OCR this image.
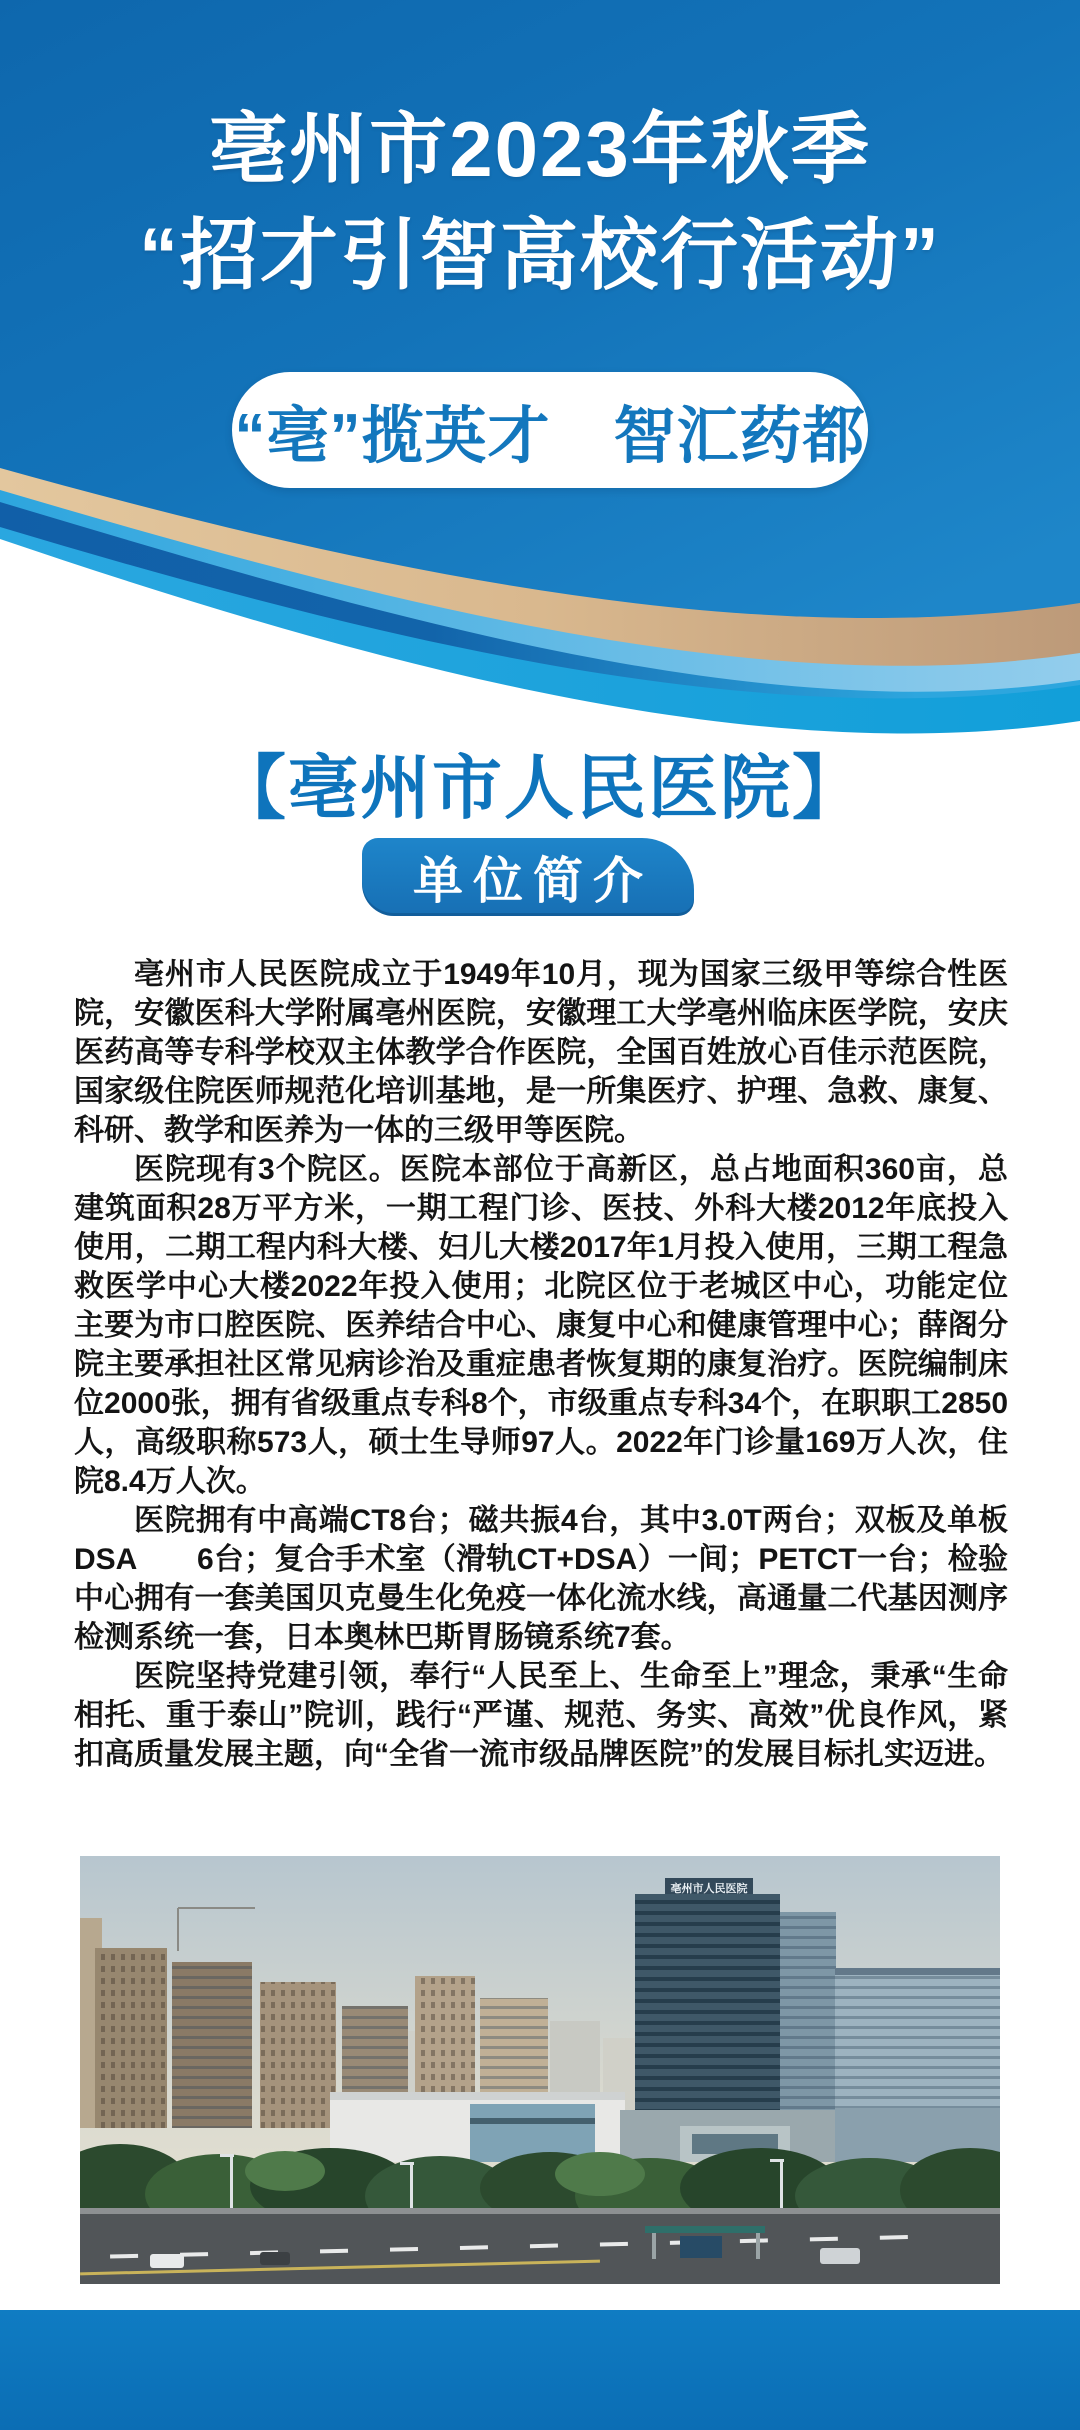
亳州市2023年秋季
“招才引智高校行活动”
“亳”揽英才　智汇药都
【亳州市人民医院】
单位简介

亳州市人民医院成立于1949年10月，现为国家三级甲等综合性医院，安徽医科大学附属亳州医院，安徽理工大学亳州临床医学院，安庆医药高等专科学校双主体教学合作医院，全国百姓放心百佳示范医院，国家级住院医师规范化培训基地，是一所集医疗、护理、急救、康复、科研、教学和医养为一体的三级甲等医院。

医院现有3个院区。医院本部位于高新区，总占地面积360亩，总建筑面积28万平方米，一期工程门诊、医技、外科大楼2012年底投入使用，二期工程内科大楼、妇儿大楼2017年1月投入使用，三期工程急救医学中心大楼2022年投入使用；北院区位于老城区中心，功能定位主要为市口腔医院、医养结合中心、康复中心和健康管理中心；薛阁分院主要承担社区常见病诊治及重症患者恢复期的康复治疗。医院编制床位2000张，拥有省级重点专科8个，市级重点专科34个，在职职工2850人，高级职称573人，硕士生导师97人。2022年门诊量169万人次，住院8.4万人次。

医院拥有中高端CT8台；磁共振4台，其中3.0T两台；双板及单板DSA　　6台；复合手术室（滑轨CT+DSA）一间；PETCT一台；检验中心拥有一套美国贝克曼生化免疫一体化流水线，高通量二代基因测序检测系统一套，日本奥林巴斯胃肠镜系统7套。

医院坚持党建引领，奉行“人民至上、生命至上”理念，秉承“生命相托、重于泰山”院训，践行“严谨、规范、务实、高效”优良作风，紧扣高质量发展主题，向“全省一流市级品牌医院”的发展目标扎实迈进。

亳州市人民医院
